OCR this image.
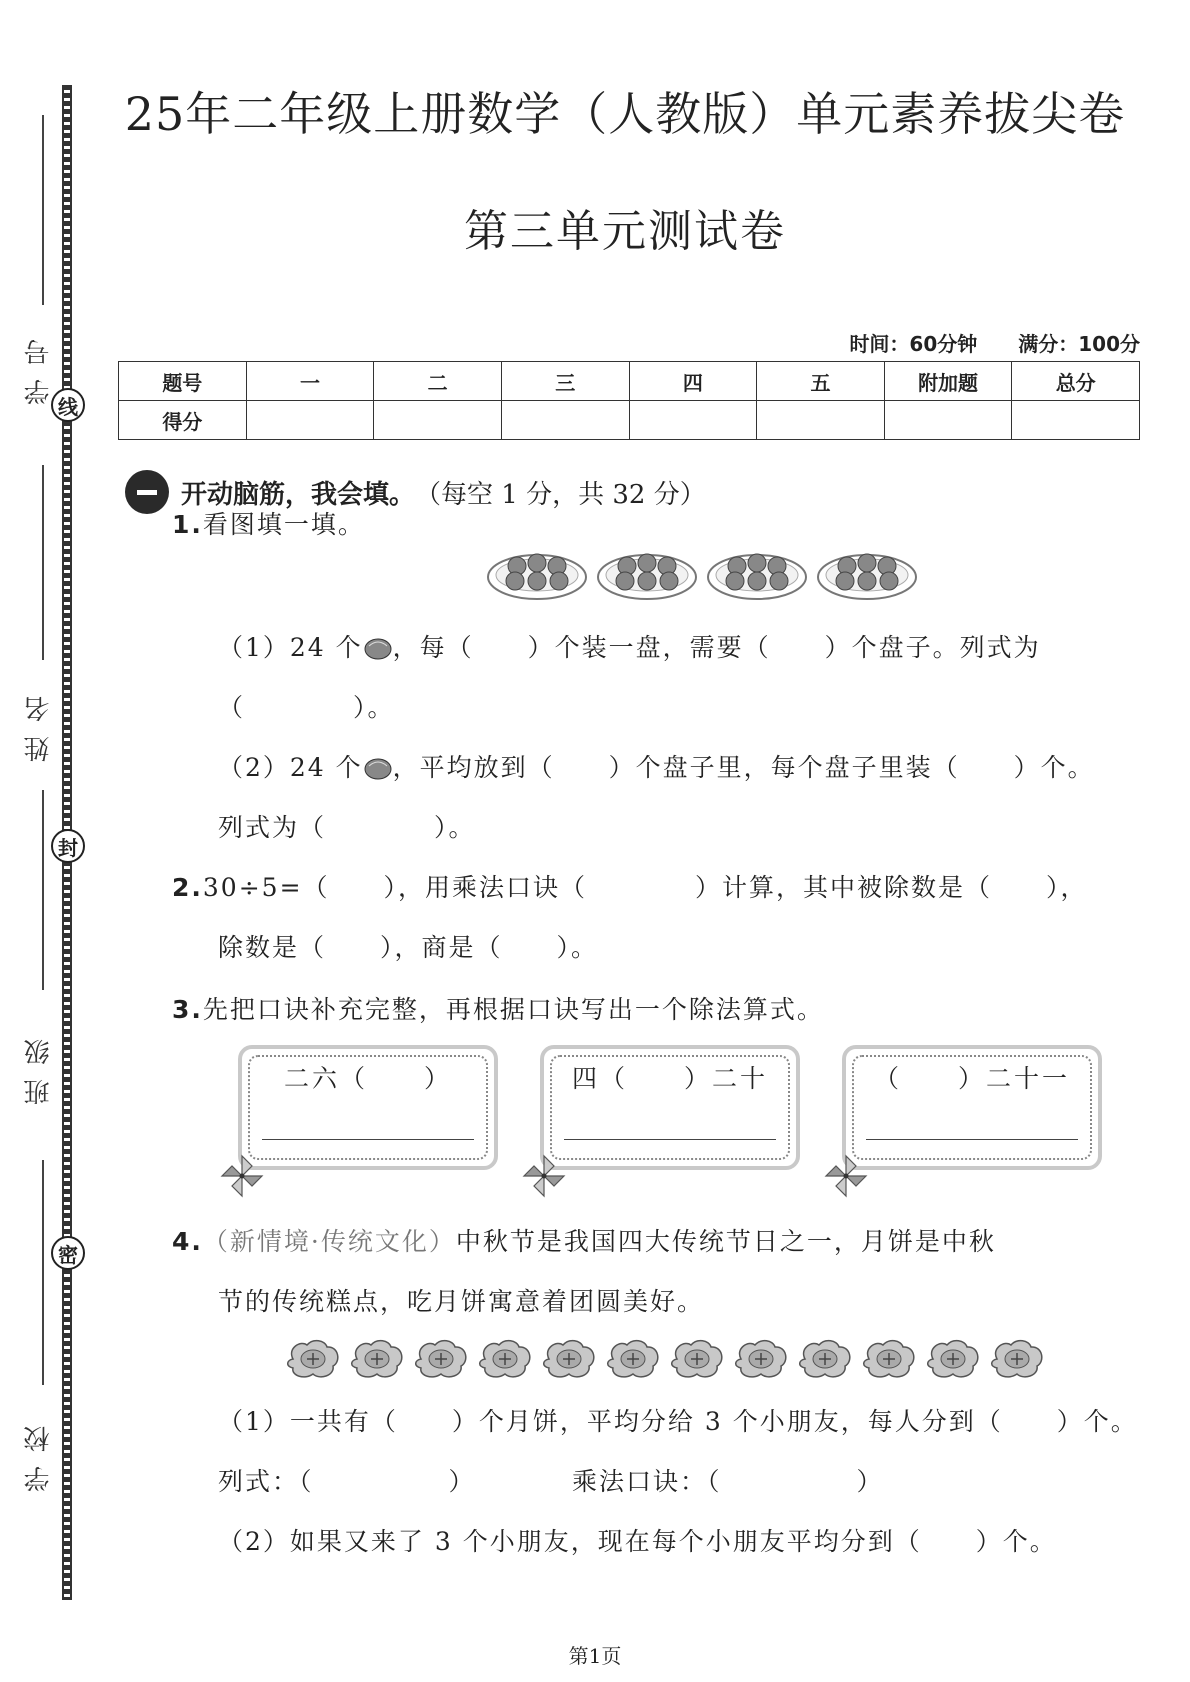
线
封
密
学号
姓名
班级
学校
25年二年级上册数学（人教版）单元素养拔尖卷
第三单元测试卷
时间：60分钟 满分：100分
题号	一	二	三	四	五	附加题	总分
得分							
开动脑筋，我会填。 （每空 1 分，共 32 分）
1.看图填一填。
（1）24 个 ，每（　　）个装一盘，需要（　　）个盘子。列式为
（　　　　）。
（2）24 个 ，平均放到（　　）个盘子里，每个盘子里装（　　）个。
列式为（　　　　）。
2.30÷5=（　　），用乘法口诀（　　　　）计算，其中被除数是（　　），
除数是（　　），商是（　　）。
3.先把口诀补充完整，再根据口诀写出一个除法算式。
二六（　　）	四（　　）二十	（　　）二十一
4.（新情境·传统文化）中秋节是我国四大传统节日之一，月饼是中秋
节的传统糕点，吃月饼寓意着团圆美好。
（1）一共有（　　）个月饼，平均分给 3 个小朋友，每人分到（　　）个。
列式：（　　　　　）	乘法口诀：（　　　　　）
（2）如果又来了 3 个小朋友，现在每个小朋友平均分到（　　）个。
第1页
